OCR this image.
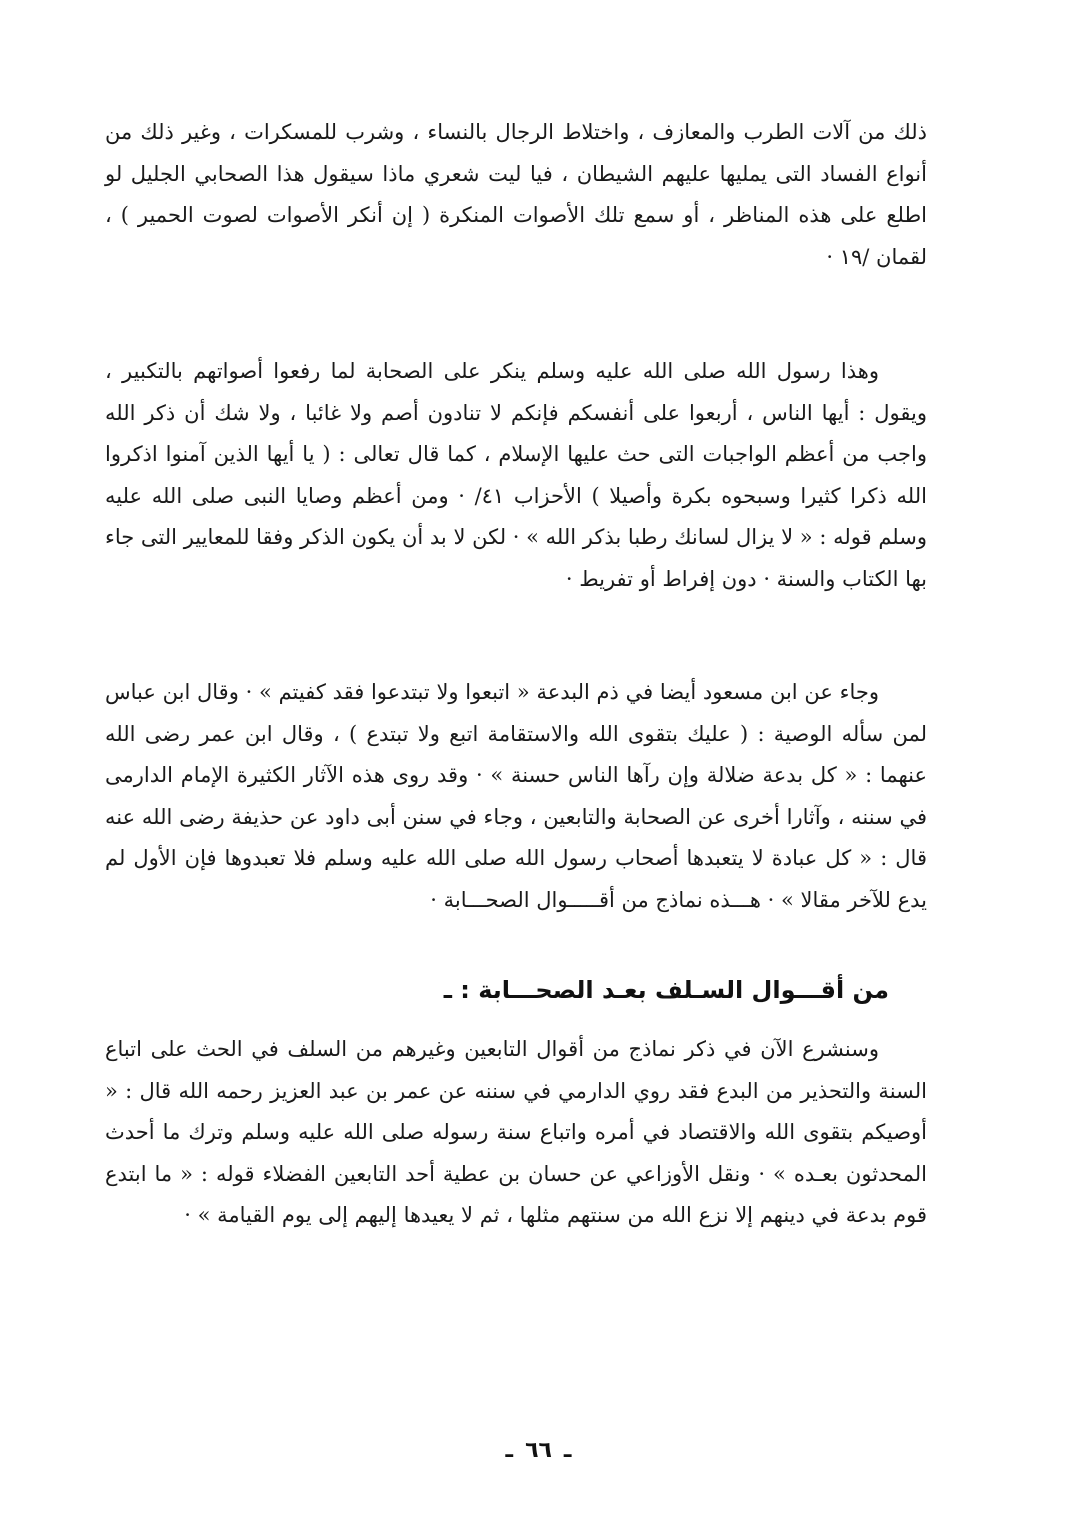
ذلك من آلات الطرب والمعازف ، واختلاط الرجال بالنساء ، وشرب للمسكرات ، وغير ذلك من أنواع الفساد التى يمليها عليهم الشيطان ، فيا ليت شعري ماذا سيقول هذا الصحابي الجليل لو اطلع على هذه المناظر ، أو سمع تلك الأصوات المنكرة ( إن أنكر الأصوات لصوت الحمير ) ، لقمان /١٩ ·

وهذا رسول الله صلى الله عليه وسلم ينكر على الصحابة لما رفعوا أصواتهم بالتكبير ، ويقول : أيها الناس ، أربعوا على أنفسكم فإنكم لا تنادون أصم ولا غائبا ، ولا شك أن ذكر الله واجب من أعظم الواجبات التى حث عليها الإسلام ، كما قال تعالى : ( يا أيها الذين آمنوا اذكروا الله ذكرا كثيرا وسبحوه بكرة وأصيلا ) الأحزاب ٤١/ · ومن أعظم وصايا النبى صلى الله عليه وسلم قوله : « لا يزال لسانك رطبا بذكر الله » · لكن لا بد أن يكون الذكر وفقا للمعايير التى جاء بها الكتاب والسنة · دون إفراط أو تفريط ·

وجاء عن ابن مسعود أيضا في ذم البدعة « اتبعوا ولا تبتدعوا فقد كفيتم » · وقال ابن عباس لمن سأله الوصية : ( عليك بتقوى الله والاستقامة اتبع ولا تبتدع ) ، وقال ابن عمر رضى الله عنهما : « كل بدعة ضلالة وإن رآها الناس حسنة » · وقد روى هذه الآثار الكثيرة الإمام الدارمى في سننه ، وآثارا أخرى عن الصحابة والتابعين ، وجاء في سنن أبى داود عن حذيفة رضى الله عنه قال : « كل عبادة لا يتعبدها أصحاب رسول الله صلى الله عليه وسلم فلا تعبدوها فإن الأول لم يدع للآخر مقالا » · هـــذه نماذج من أقـــــوال الصحـــابة ·

من أقـــوال السـلف بعـد الصحـــابة : ـ

وسنشرع الآن في ذكر نماذج من أقوال التابعين وغيرهم من السلف في الحث على اتباع السنة والتحذير من البدع فقد روي الدارمي في سننه عن عمر بن عبد العزيز رحمه الله قال : « أوصيكم بتقوى الله والاقتصاد في أمره واتباع سنة رسوله صلى الله عليه وسلم وترك ما أحدث المحدثون بعـده » · ونقل الأوزاعي عن حسان بن عطية أحد التابعين الفضلاء قوله : « ما ابتدع قوم بدعة في دينهم إلا نزع الله من سنتهم مثلها ، ثم لا يعيدها إليهم إلى يوم القيامة » ·

ـ ٦٦ ـ
